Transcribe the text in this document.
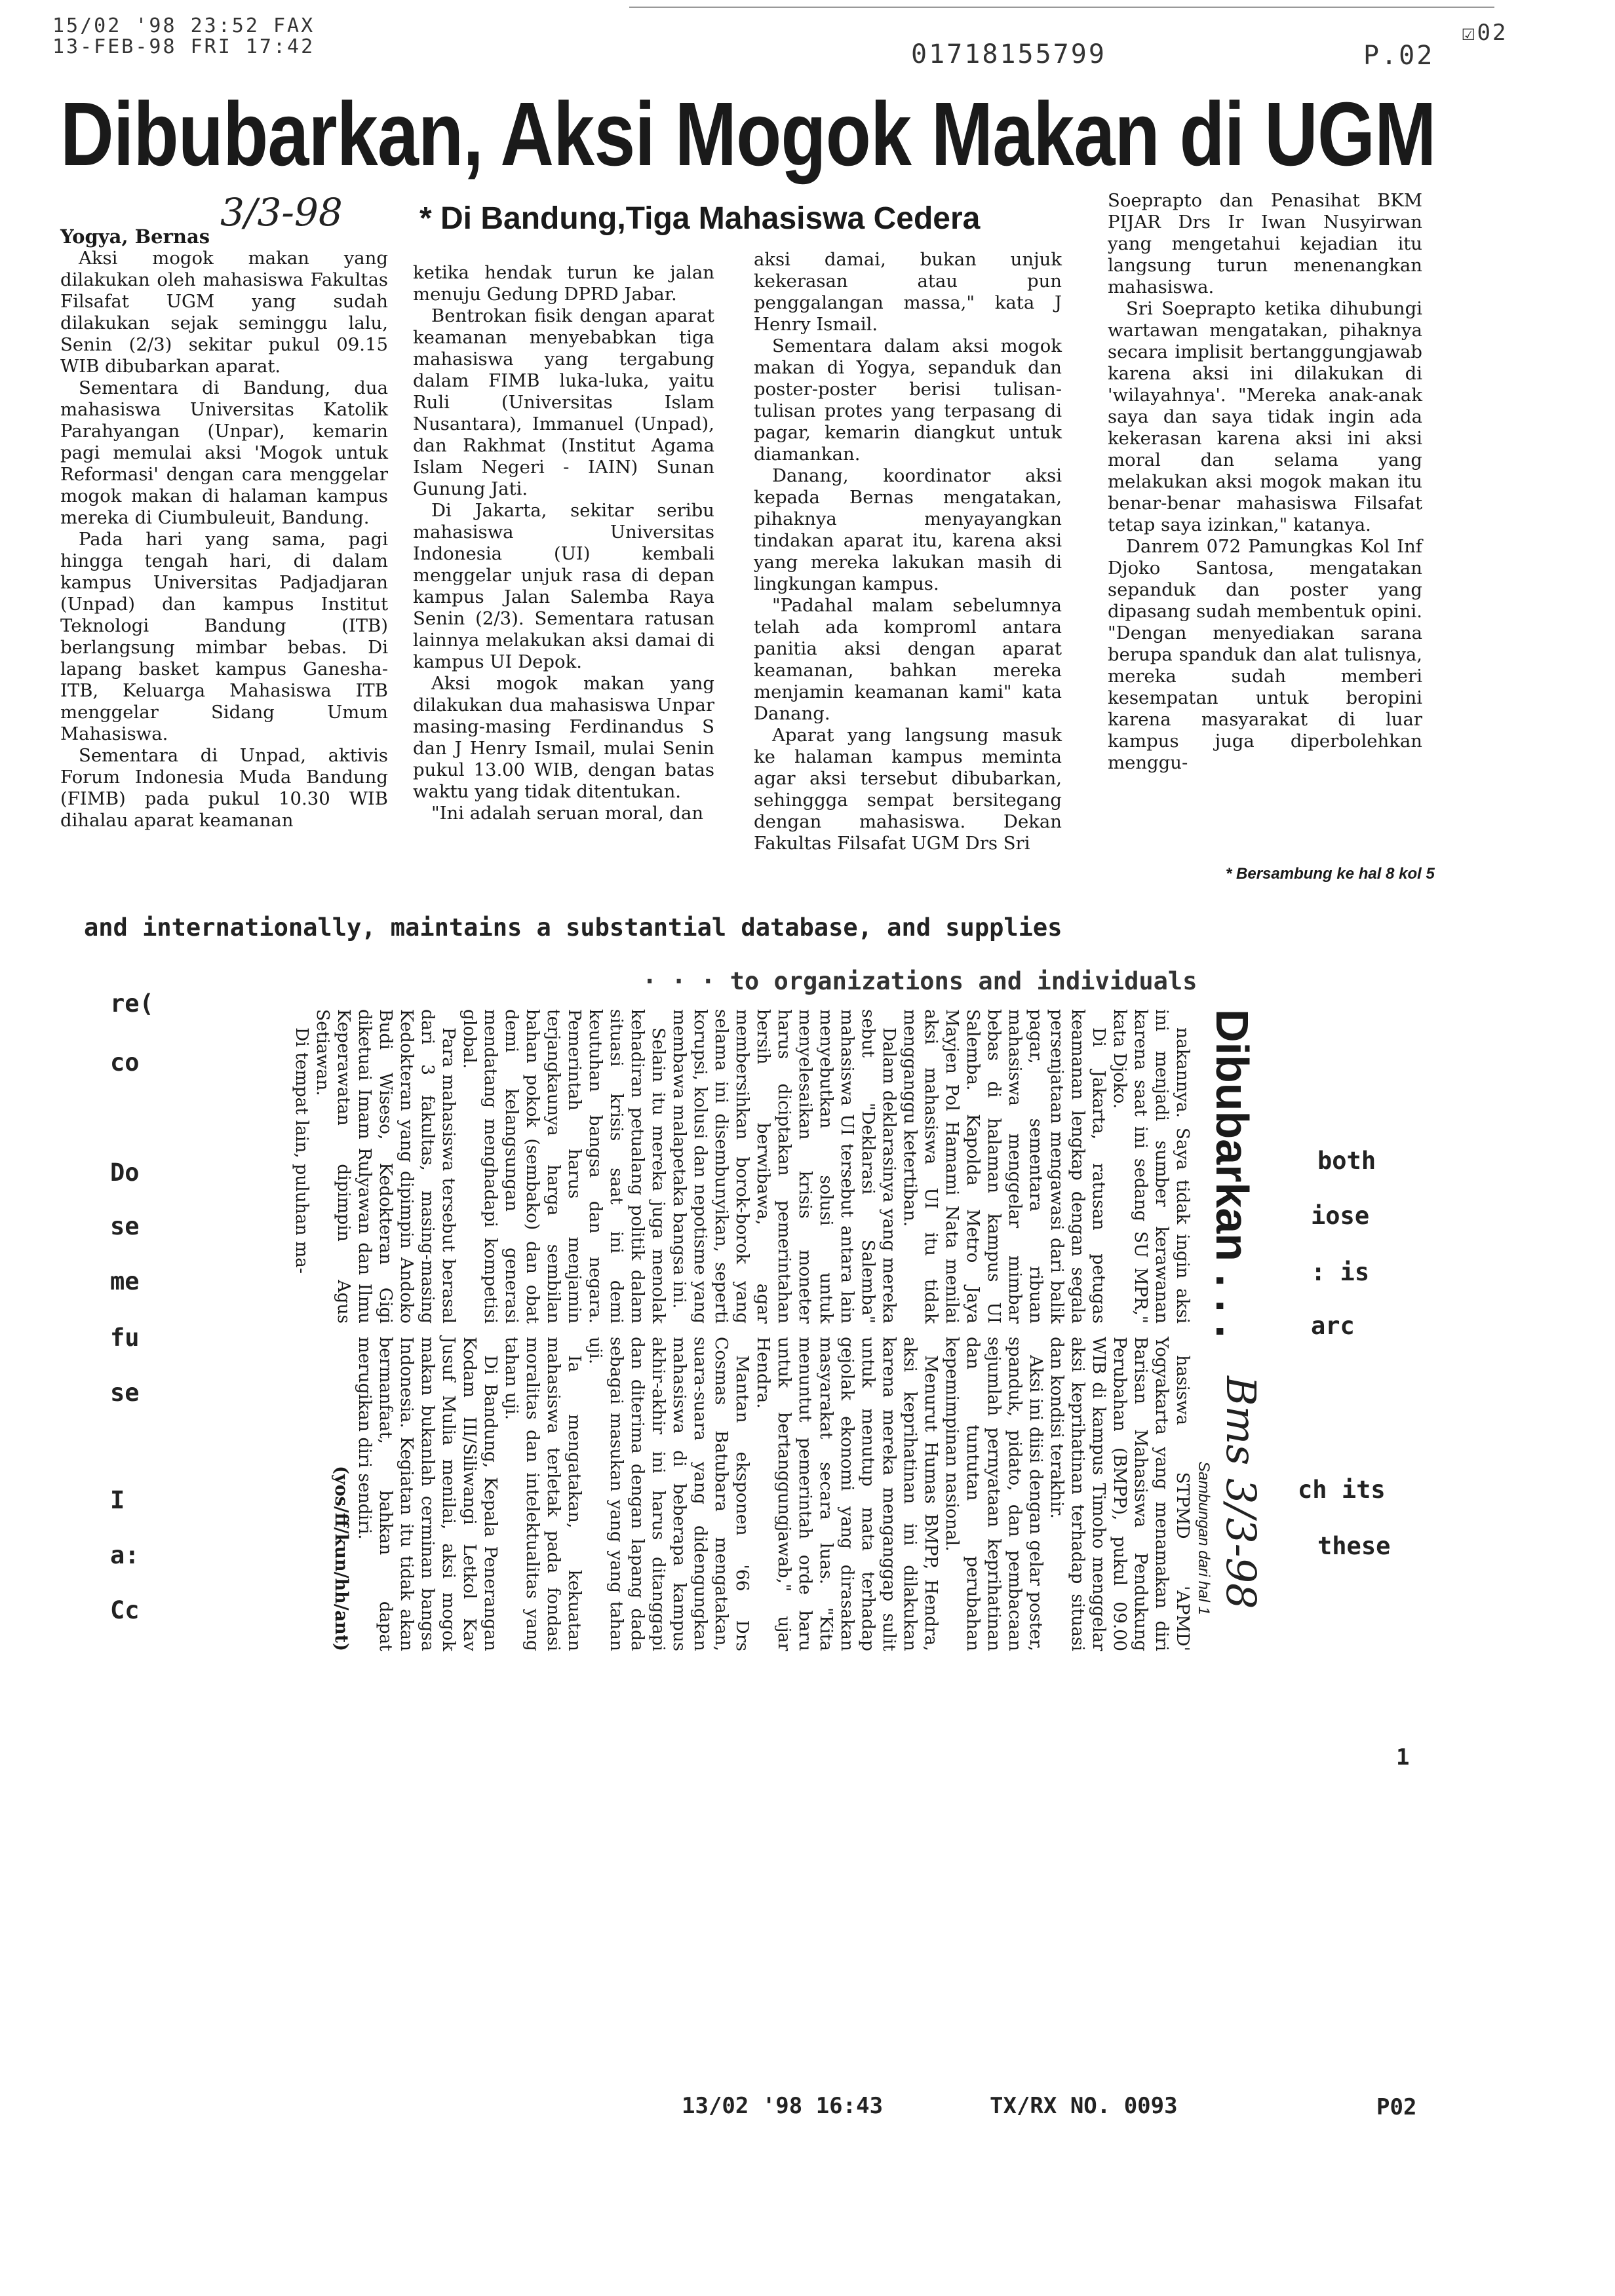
15/02 '98 23:52 FAX
13-FEB-98 FRI 17:42	01718155799	P.02
☑02
Dibubarkan, Aksi Mogok Makan di UGM
Yogya, Bernas
3/3-98 * Di Bandung,Tiga Mahasiswa Cedera

Aksi mogok makan yang dilakukan oleh mahasiswa Fakultas Filsafat UGM yang sudah dilakukan sejak seminggu lalu, Senin (2/3) sekitar pukul 09.15 WIB dibubarkan aparat.

Sementara di Bandung, dua mahasiswa Universitas Katolik Parahyangan (Unpar), kemarin pagi memulai aksi 'Mogok untuk Reformasi' dengan cara menggelar mogok makan di halaman kampus mereka di Ciumbuleuit, Bandung.

Pada hari yang sama, pagi hingga tengah hari, di dalam kampus Universitas Padjadjaran (Unpad) dan kampus Institut Teknologi Bandung (ITB) berlangsung mimbar bebas. Di lapang basket kampus Ganesha-ITB, Keluarga Mahasiswa ITB menggelar Sidang Umum Mahasiswa.

Sementara di Unpad, aktivis Forum Indonesia Muda Bandung (FIMB) pada pukul 10.30 WIB dihalau aparat keamanan

ketika hendak turun ke jalan menuju Gedung DPRD Jabar.

Bentrokan fisik dengan aparat keamanan menyebabkan tiga mahasiswa yang tergabung dalam FIMB luka-luka, yaitu Ruli (Universitas Islam Nusantara), Immanuel (Unpad), dan Rakhmat (Institut Agama Islam Negeri - IAIN) Sunan Gunung Jati.

Di Jakarta, sekitar seribu mahasiswa Universitas Indonesia (UI) kembali menggelar unjuk rasa di depan kampus Jalan Salemba Raya Senin (2/3). Sementara ratusan lainnya melakukan aksi damai di kampus UI Depok.

Aksi mogok makan yang dilakukan dua mahasiswa Unpar masing-masing Ferdinandus S dan J Henry Ismail, mulai Senin pukul 13.00 WIB, dengan batas waktu yang tidak ditentukan.

"Ini adalah seruan moral, dan

aksi damai, bukan unjuk kekerasan atau pun penggalangan massa," kata J Henry Ismail.

Sementara dalam aksi mogok makan di Yogya, sepanduk dan poster-poster berisi tulisan-tulisan protes yang terpasang di pagar, kemarin diangkut untuk diamankan.

Danang, koordinator aksi kepada Bernas mengatakan, pihaknya menyayangkan tindakan aparat itu, karena aksi yang mereka lakukan masih di lingkungan kampus.

"Padahal malam sebelumnya telah ada komproml antara panitia aksi dengan aparat keamanan, bahkan mereka menjamin keamanan kami" kata Danang.

Aparat yang langsung masuk ke halaman kampus meminta agar aksi tersebut dibubarkan, sehinggga sempat bersitegang dengan mahasiswa. Dekan Fakultas Filsafat UGM Drs Sri

Soeprapto dan Penasihat BKM PIJAR Drs Ir Iwan Nusyirwan yang mengetahui kejadian itu langsung turun menenangkan mahasiswa.

Sri Soeprapto ketika dihubungi wartawan mengatakan, pihaknya secara implisit bertanggungjawab karena aksi ini dilakukan di 'wilayahnya'. "Mereka anak-anak saya dan saya tidak ingin ada kekerasan karena aksi ini aksi moral dan selama yang melakukan aksi mogok makan itu benar-benar mahasiswa Filsafat tetap saya izinkan," katanya.

Danrem 072 Pamungkas Kol Inf Djoko Santosa, mengatakan sepanduk dan poster yang dipasang sudah membentuk opini. "Dengan menyediakan sarana berupa spanduk dan alat tulisnya, mereka sudah memberi kesempatan untuk beropini karena masyarakat di luar kampus juga diperbolehkan menggu-

* Bersambung ke hal 8 kol 5
and internationally, maintains a substantial database, and supplies
· · · to organizations and individuals
re(
co
Do
se
me
fu
se
I
a:
Cc
both
iose
: is
arc
ch its
these
1
Dibubarkan . . .
Bms 3/3-98
Sambungan dari hal 1

nakannya. Saya tidak ingin aksi ini menjadi sumber kerawanan karena saat ini sedang SU MPR," kata Djoko.

Di Jakarta, ratusan petugas keamanan lengkap dengan segala persenjataan mengawasi dari balik pagar, sementara ribuan mahasiswa menggelar mimbar bebas di halaman kampus UI Salemba. Kapolda Metro Jaya Mayjen Pol Hamami Nata menilai aksi mahasiswa UI itu tidak mengganggu ketertiban.

Dalam deklarasinya yang mereka sebut "Deklarasi Salemba" mahasiswa UI tersebut antara lain menyebutkan solusi untuk menyelesaikan krisis moneter harus diciptakan pemerintahan bersih berwibawa, agar membersihkan borok-borok yang selama ini disembunyikan, seperti korupsi, kolusi dan nepotisme yang membawa malapetaka bangsa ini.

Selain itu mereka juga menolak kehadiran petualang politik dalam situasi krisis saat ini demi keutuhan bangsa dan negara. Pemerintah harus menjamin terjangkaunya harga sembilan bahan pokok (sembako) dan obat demi kelangsungan generasi mendatang menghadapi kompetisi global.

Para mahasiswa tersebut berasal dari 3 fakultas, masing-masing Kedokteran yang dipimpin Andoko Budi Wiseso, Kedokteran Gigi diketuai Imam Rulyawan dan Ilmu Keperawatan dipimpin Agus Setiawan.

Di tempat lain, puluhan ma-

hasiswa STPMD 'APMD' Yogyakarta yang menamakan diri Barisan Mahasiswa Pendukung Perubahan (BMPP), pukul 09.00 WIB di kampus Timoho menggelar aksi keprihatinan terhadap situasi dan kondisi terakhir.

Aksi ini diisi dengan gelar poster, spanduk, pidato, dan pembacaan sejumlah pernyataan keprihatinan dan tuntutan perubahan kepemimpinan nasional.

Menurut Humas BMPP, Hendra, aksi keprihatinan ini dilakukan karena mereka menganggap sulit untuk menutup mata terhadap gejolak ekonomi yang dirasakan masyarakat secara luas. "Kita menuntut pemerintah orde baru untuk bertanggungjawab," ujar Hendra.

Mantan eksponen '66 Drs Cosmas Batubara mengatakan, suara-suara yang didengungkan mahasiswa di beberapa kampus akhir-akhir ini harus ditanggapi dan diterima dengan lapang dada sebagai masukan yang yang tahan uji.

Ia mengatakan, kekuatan mahasiswa terletak pada fondasi moralitas dan intelektualitas yang tahan uji.

Di Bandung, Kepala Penerangan Kodam III/Siliwangi Letkol Kav Jusuf Mulia menilai, aksi mogok makan bukanlah cerminan bangsa Indonesia. Kegiatan itu tidak akan bermanfaat, bahkan dapat merugikan diri sendiri.

(yos/ff/kun/hh/ant)
13/02 '98 16:43	TX/RX NO. 0093	P02
